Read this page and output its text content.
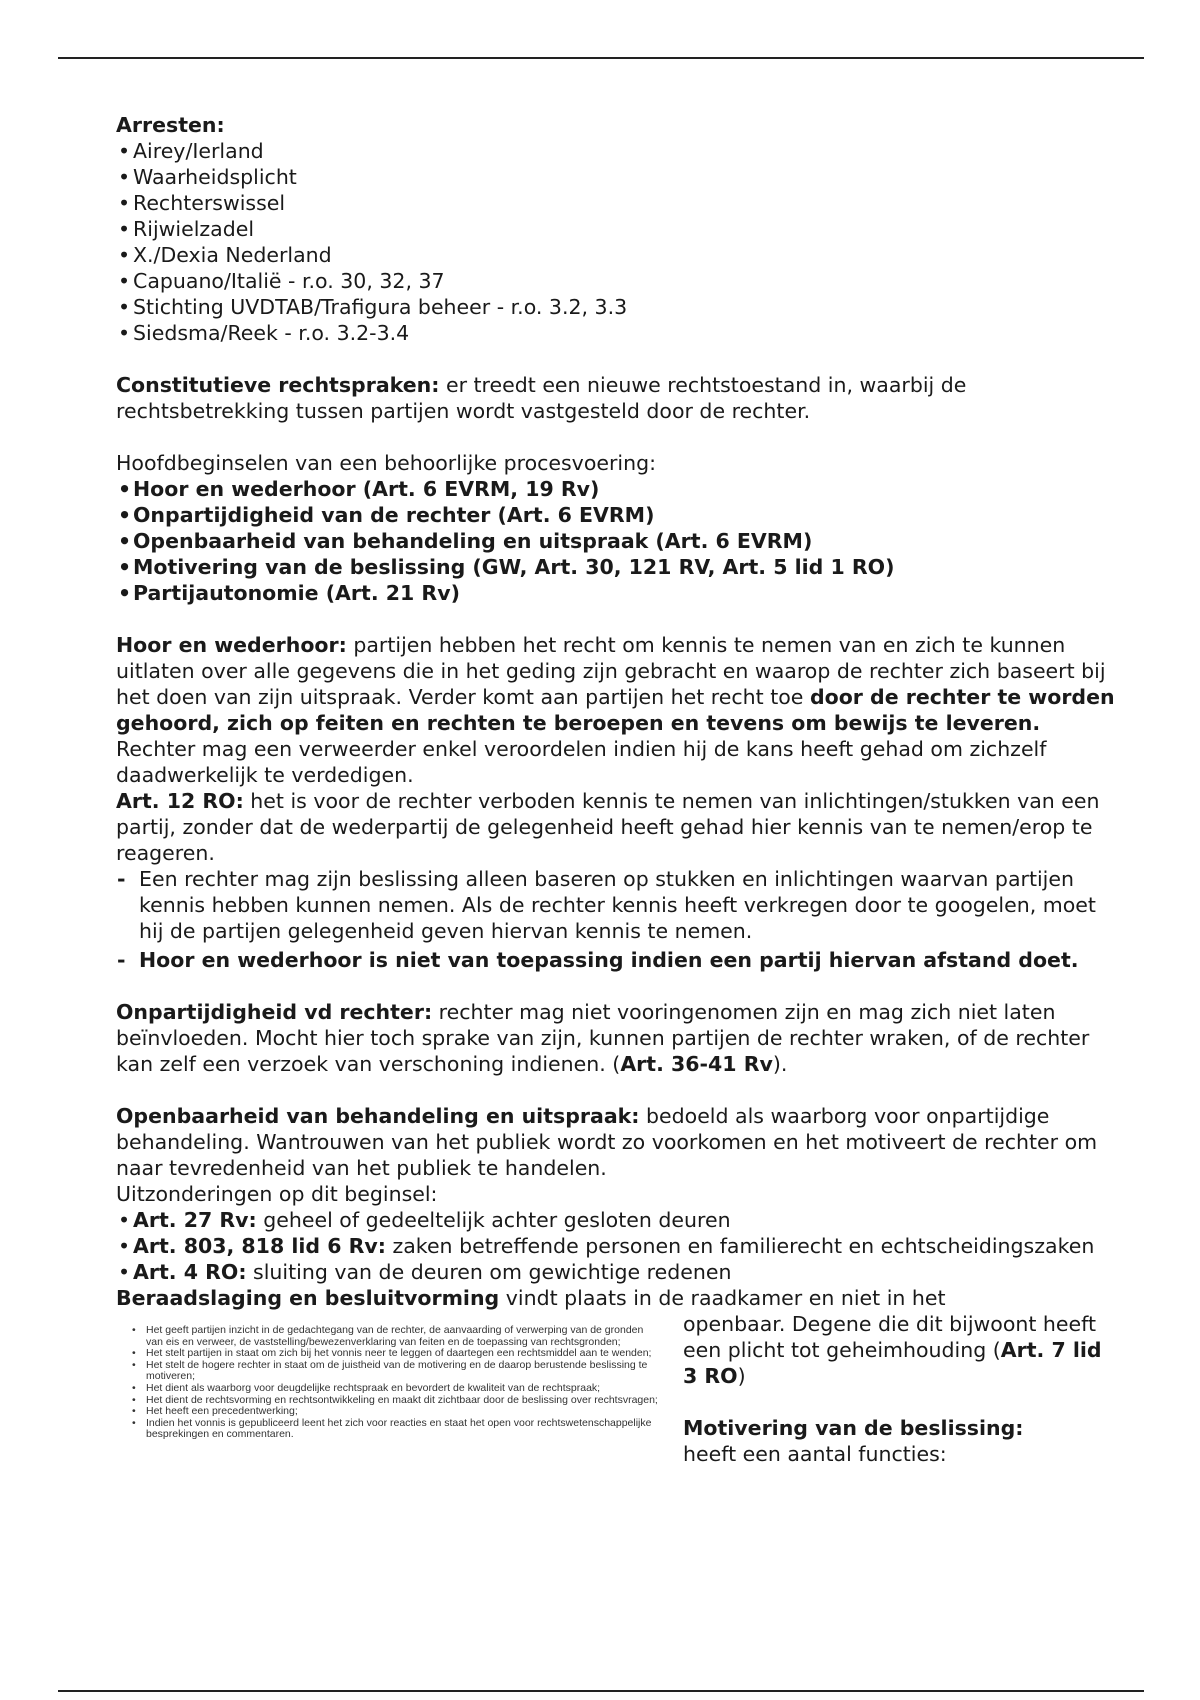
Arresten:

• Airey/Ierland
• Waarheidsplicht
• Rechterswissel
• Rijwielzadel
• X./Dexia Nederland
• Capuano/Italië - r.o. 30, 32, 37
• Stichting UVDTAB/Trafigura beheer - r.o. 3.2, 3.3
• Siedsma/Reek - r.o. 3.2-3.4

Constitutieve rechtspraken: er treedt een nieuwe rechtstoestand in, waarbij de rechtsbetrekking tussen partijen wordt vastgesteld door de rechter.

Hoofdbeginselen van een behoorlijke procesvoering:

• Hoor en wederhoor (Art. 6 EVRM, 19 Rv)
• Onpartijdigheid van de rechter (Art. 6 EVRM)
• Openbaarheid van behandeling en uitspraak (Art. 6 EVRM)
• Motivering van de beslissing (GW, Art. 30, 121 RV, Art. 5 lid 1 RO)
• Partijautonomie (Art. 21 Rv)

Hoor en wederhoor: partijen hebben het recht om kennis te nemen van en zich te kunnen uitlaten over alle gegevens die in het geding zijn gebracht en waarop de rechter zich baseert bij het doen van zijn uitspraak. Verder komt aan partijen het recht toe door de rechter te worden gehoord, zich op feiten en rechten te beroepen en tevens om bewijs te leveren. Rechter mag een verweerder enkel veroordelen indien hij de kans heeft gehad om zichzelf daadwerkelijk te verdedigen.

Art. 12 RO: het is voor de rechter verboden kennis te nemen van inlichtingen/stukken van een partij, zonder dat de wederpartij de gelegenheid heeft gehad hier kennis van te nemen/erop te reageren.

- Een rechter mag zijn beslissing alleen baseren op stukken en inlichtingen waarvan partijen kennis hebben kunnen nemen. Als de rechter kennis heeft verkregen door te googelen, moet hij de partijen gelegenheid geven hiervan kennis te nemen.
- Hoor en wederhoor is niet van toepassing indien een partij hiervan afstand doet.

Onpartijdigheid vd rechter: rechter mag niet vooringenomen zijn en mag zich niet laten beïnvloeden. Mocht hier toch sprake van zijn, kunnen partijen de rechter wraken, of de rechter kan zelf een verzoek van verschoning indienen. (Art. 36-41 Rv).

Openbaarheid van behandeling en uitspraak: bedoeld als waarborg voor onpartijdige behandeling. Wantrouwen van het publiek wordt zo voorkomen en het motiveert de rechter om naar tevredenheid van het publiek te handelen.

Uitzonderingen op dit beginsel:

• Art. 27 Rv: geheel of gedeeltelijk achter gesloten deuren
• Art. 803, 818 lid 6 Rv: zaken betreffende personen en familierecht en echtscheidingszaken
• Art. 4 RO: sluiting van de deuren om gewichtige redenen

Beraadslaging en besluitvorming vindt plaats in de raadkamer en niet in het

• Het geeft partijen inzicht in de gedachtegang van de rechter, de aanvaarding of verwerping van de gronden van eis en verweer, de vaststelling/bewezenverklaring van feiten en de toepassing van rechtsgronden;
• Het stelt partijen in staat om zich bij het vonnis neer te leggen of daartegen een rechtsmiddel aan te wenden;
• Het stelt de hogere rechter in staat om de juistheid van de motivering en de daarop berustende beslissing te motiveren;
• Het dient als waarborg voor deugdelijke rechtspraak en bevordert de kwaliteit van de rechtspraak;
• Het dient de rechtsvorming en rechtsontwikkeling en maakt dit zichtbaar door de beslissing over rechtsvragen;
• Het heeft een precedentwerking;
• Indien het vonnis is gepubliceerd leent het zich voor reacties en staat het open voor rechtswetenschappelijke besprekingen en commentaren.

openbaar. Degene die dit bijwoont heeft een plicht tot geheimhouding (Art. 7 lid 3 RO)

Motivering van de beslissing:

heeft een aantal functies:
